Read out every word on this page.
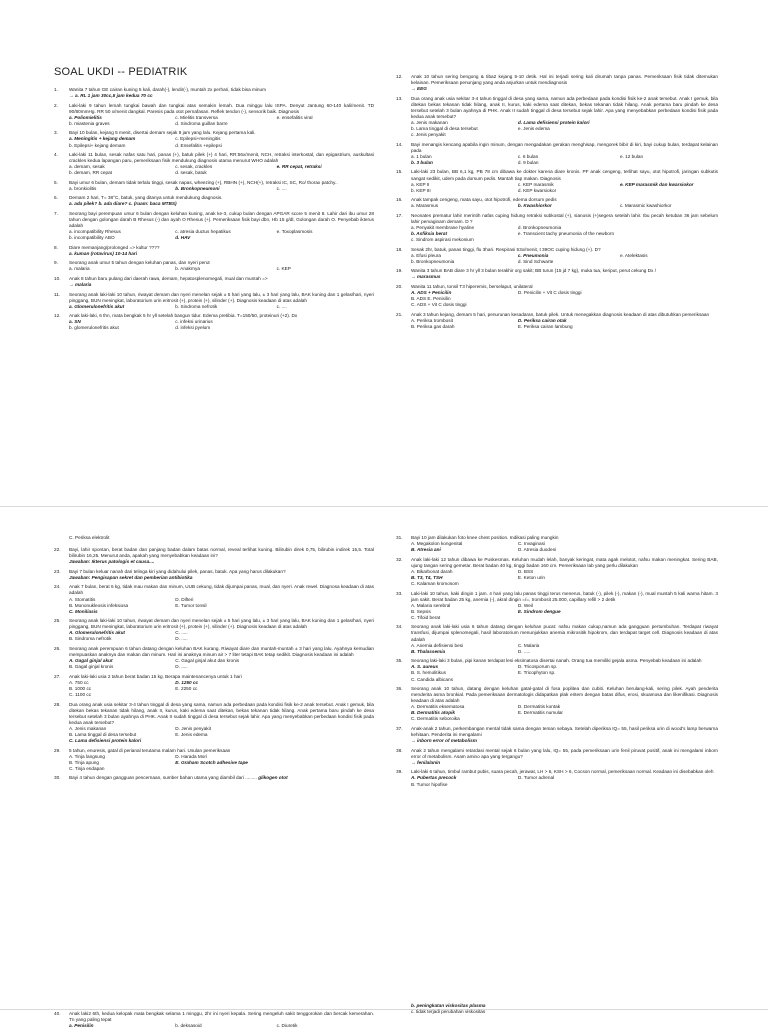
SOAL UKDI -- PEDIATRIK
1.	Wanita 7 tahun GE cairan kuning 5 kali, darah(-), lendir(-), muntah 2x perhari, tidak bisa minum
→ a. RL 1 jam 30cc,5 jam kedua 70 cc
2.	Laki-laki 9 tahun lemah tungkai bawah dan tungkai atas semakin lemah. Dua minggu lalu ISPA. Denyut Jantung 60-140 kali/menit. TD 90/80mmHg. RR 50 x/menit dangkal. Paresis pada otot pernafasan. Reflek tendon (-), sensorik baik. Diagnosis
a. Poliomielitis	c. Mielitis transversa	e. ensefalitis viral
b. miastenia graves	d. Sindroma guillan barre
3.	Bayi 10 bulan, kejang 5 menit, disertai demam sejak 8 jam yang lalu. Kejang pertama kali.
a. Meningitis + kejang demam	c. Epilepsi+meningitis
b. Epilepsi+ kejang demam	d. Ensefalitis +epilepsi
4.	Laki-laki 11 bulan, sesak nafas satu hari, panas (+), batuk pilek (+) 4 hari, RR:56x/menit, NCH, retraksi interkostal, dan epigastrium, auskultasi crackles kedua lapangan paru, pemeriksaan fisik mendukung diagnosis utama menurut WHO adalah
a. demam, sesak	c. sesak, crackles	e. RR cepat, retraksi
b. demam, RR cepat	d. sesak, batuk
5.	Bayi umur 6 bulan, demam tidak terlalu tinggi, sesak napas, wheezing (+), RBHN (+), NCH(+), retraksi IC, SC, Ro/ thorax patchy..
a. bronkiolitis	b. Bronkopneumoni	c. ....
6.	Demam 2 hari, T= 38°C, batuk, yang ditanya untuk mendukung diagnosis.
a. ada pilek? b. ada diare? c. (ruam: baca MTBS)
7.	Seorang bayi perempuan umur 6 bulan dengan keluhan kuning, anak ke-3, cukup bulan dengan APGAR score 5 menit 8. Lahir dari ibu umur 28 tahun dengan golongan darah B Rhesus (-) dan ayah O Rhesus (+). Pemeriksaan fisik bayi dbn, Hb 15 g/dl, Golongan darah O. Penyebab ikterus adalah
a. incompatibility Rhesus	c. atresia ductus hepatikus	e. Toxoplasmosis
b. incompatibility ABO	d. HAV
8.	Diare memanjang/prolonged => kultur ????
a. kuman (rotavirus) 10-14 hari
9.	Seorang anak umur 5 tahun dengan keluhan panas, dan nyeri perut
a. malaria	b. Anakrnya	c. KEP
10.	Anak 8 tahun baru pulang dari daerah rawa, demam, hepatosplenomegali, mual dan muntah =>
→ malaria
11.	Seorang anak laki-laki 10 tahun, riwayat demam dan nyeri menelan sejak ± 5 hari yang lalu, ± 3 hari yang lalu, BAK kuning dan 1 gelas/hari, nyeri pinggang, BUN meningkat, laboratorium urin eritrosit (+), protein (+), silinder (+). Diagnosis keadaan di atas adalah
a. Glomerulonefritis akut	b. Sindroma nefrotik	c. ....
12.	Anak laki-laki, 6 thn, mata bengkak 5 hr yll setelah bangun tidur. Edema pretibia. T=150/50, proteinuri (+2). Dx
a. SN	c. infeksi urinarius
b. glomerulonefritis akut	d. infeksi pyelum
12.	Anak 10 tahun sering bengong & tiba2 kejang 5-10 detik. Hal ini terjadi sering kali dirumah tanpa panas. Pemeriksaan fisik tidak ditemukan kelainan. Pemeriksaan penunjang yang anda anjurkan untuk mendiagnosis
→ EEG
13.	Dua orang anak usia sekitar 3-4 tahun tinggal di desa yang sama, namun ada perbedaan pada kondisi fisik ke-2 anak tersebut. Anak I gemuk, bila ditekan bekas tekanan tidak hilang, anak II, kurus, kaki edema saat ditekan, bekas tekanan tidak hilang. Anak pertama baru pindah ke desa tersebut setelah 3 bulan ayahnya di PHK. Anak II sudah tinggal di desa tersebut sejak lahir. Apa yang menyebabkan perbedaan kondisi fisik pada kedua anak tersebut?
a. Jenis makanan	d. Lama defisiensi protein kalori
b. Lama tinggal di desa tersebut	e. Jenis edema
c. Jenis penyakit
14.	Bayi menangis kencang apabila ingin minum, dengan mengadakan gerakan menghisap, mengorek bibir di kiri, bayi cukup bulan, terdapat kelainan pada
a. 1 bulan	c. 6 bulan	e. 12 bulan
b. 3 bulan	d. 9 bulan
15.	Laki-laki 23 bulan, BB 6,1 kg, PB 78 cm dibawa ke dokter karena diare kronis. PF anak cengeng, terlihat sayu, otot hipotrofi, jaringan subkutis sangat sedikit, udem pada dorsum pedis. Mantah tiap makan. Diagnosis
a. KEP II	c. KEP marasmik	e. KEP marasmik dan kwarsiokor
b. KEP III	d. KEP kwarsiokor
16.	Anak tampak cengeng, mata sayu, otot hipotrofi, edema dorsum pedis
a. Marasmus	b. Kwashiorkor	c. Marasmic kwashiorkor
17.	Neonates prematur lahir merintih nafas cuping hidung retraksi subkostal (+), sianosis (+)segera setelah lahir. Ibu pecah ketuban 36 jam sebelum lahir pervaginam demam. D ?
a. Penyakit membrane hyaline	d. Bronkopneumonia
b. Asfiksia berat	e. Transcient tachy pneumonia of the newborn
c. Sindrom aspirasi mekonium
18.	Sesak 2hr, batuk, panas tinggi, flu 3hari. Respirasi 53x/menit, t 39OC cuping hidung (+). D?
a. Efusi pleura	c. Pneumonia	e. Atelektasis
b. Bronkopneumonia	d. Sind Schwarte
19.	Wanita 3 tahun BAB diare 3 hr yll 3 bulan terakhir org sakit; BB turun (15 jd 7 kg), muka tua, keriput, perut cekung Dx /
→ marasmus
20.	Wanita 11 tahun, tonsil T3 hiperemis, berselaput, unilateral
A. ADS + Penicilin	D. Penicilin + Vit C dosis tinggi
B. ADS E. Penisilin
C. ADS + Vit C dosis tinggi
21.	Anak 3 tahun kejang, demam 5 hari, penurunan kesadaran, batuk pilek. Untuk menegakkan diagnosis keadaan di atas dibutuhkan pemeriksaan
A. Periksa trombosit	D. Periksa cairan otak
B. Periksa gas darah	E. Periksa cairan lambung
C. Periksa elektrolit
22.	Bayi, lahir spontan, berat badan dan panjang badan dalam batas normal, reveal terlihat kuning. Bilirubin direk 0,75, bilirubin indirek 15,5. Total bilirubin 16,25. Menurut anda, apakah yang menyebabkan keadaan ini?
Jawaban: Ikterus patologis et causa....
23.	Bayi 7 bulan keluar nanah dari telinga kiri yang didahului pilek, panas, batuk. Apa yang harus dilakukan?
Jawaban: Pengisapan sekret dan pemberian antibiotika
24.	Anak 7 bulan, berat 6 kg, tidak mau makan dan minum, UUB cekung, tidak dijumpai panas, mual, dan nyeri. Anak rewel. Diagnosa keadaan di atas adalah
A. Stomatitis	D. Difteri
B. Mononukleosis infeksiosa	E. Tumor tonsil
C. Moniliasis
25.	Seorang anak laki-laki 10 tahun, riwayat demam dan nyeri menelan sejak ± 5 hari yang lalu, ± 3 hari yang lalu, BAK kuning dan 1 gelas/hari, nyeri pinggang, BUN meningkat, laboratorium urin eritrosit (+), protein (+), silinder (+). Diagnosis keadaan di atas adalah
A. Glomerulonefritis akut	C. .....
B. Sindroma nefrotik	D. .....
26.	Seorang anak perempuan 6 tahun datang dengan keluhan BAK kurang. Riwayat diare dan muntah-muntah ± 3 hari yang lalu. Ayahnya kemudian mempuaskan anaknya dan makan dan minum. Hari ini anaknya minum air > 7 liter tetapi BAK tetap sedikit. Diagnosis keadaan ini adalah
A. Gagal ginjal akut	C. Gagal ginjal akut dan kronis
B. Gagal ginjal kronis	D. .....
27.	Anak laki-laki usia 2 tahun berat badan 15 kg. Berapa maintenancenya untuk 1 hari
A. 750 cc	D. 1250 cc
B. 1000 cc	E. 2250 cc
C. 1100 cc
28.	Dua orang anak usia sekitar 3-4 tahun tinggal di desa yang sama, namun ada perbedaan pada kondisi fisik ke-2 anak tersebut. Anak I gemuk, bila ditekan bekas tekanan tidak hilang, anak II, kurus, kaki edema saat ditekan, bekas tekanan tidak hilang. Anak pertama baru pindah ke desa tersebut setelah 3 bulan ayahnya di PHK. Anak II sudah tinggal di desa tersebut sejak lahir. Apa yang menyebabkan perbedaan kondisi fisik pada kedua anak tersebut?
A. Jenis makanan	D. Jenis penyakit
B. Lama tinggal di desa tersebut	E. Jenis edema
C. Lama defisiensi protein kalori
29.	5 tahun, enuresis, gatal di perianal terutama malam hari. Usulan pemeriksaan
A. Tinja langsung	D. Harada Mori
B. Tinja apung	E. Graham Scotch adhesive tape
C. Tinja endapan
30.	Bayi 4 tahun dengan gangguan pencernaan, sumber bahan utama yang diambil dari ......... glikogen otot
31.	Bayi 10 jam dilakukan foto knee chest position. Indikasi paling mungkin
A. Megakolon kongenital	C. Invaginasi
B. Atresia ani	D. Atresia duodeni
32.	Anak laki-laki 12 tahun dibawa ke Puskesmas. Keluhan mudah lelah, banyak keringat, mata agak melotot, nafsu makan meningkat. Sering BAB, ujung tangan sering gemetar. Berat badan 40 kg, tinggi badan 160 cm. Pemeriksaan lab yang perlu dilakukan
A. Bikarbonat darah	D. BSS
B. T3, T4, TSH	E. Keton urin
C. Kalaman kromosom
33.	Laki-laki 10 tahun, kaki dingin 1 jam. 4 hari yang lalu panas tinggi terus menerus, batuk (-), pilek (-), makan (-), mual muntah 5 kali warna hitam. 3 jam sakit. Berat badan 25 kg, anemia (-), akral dingin =/=, trombosit 25.000, capillary refill > 2 detik
A. Malaria serebral	D. Weil
B. Sepsis	E. Sindrom dengue
C. Tifoid berat
34.	Seorang anak laki-laki usia 6 tahun datang dengan keluhan pucat: nafsu makan cukup,namun ada gangguan pertumbuhan. Terdapat riwayat transfusi, dijumpai splenomegali, hasil laboratorium menunjukkan anemia mikrositik hipokrom, dan terdapat target cell. Diagnosis keadaan di atas adalah
A. Anemia defisiensi besi	C. Malaria
B. Thalassemia	D. .....
35.	Seorang laki-laki 3 bulan, pipi kanan terdapat lesi eksimatosa disertai nanah. Orang tua memiliki gejala asma. Penyebab keadaan ini adalah
A. S. aureus	D. Tricosporum sp.
B. S. hemolitikus	E. Tricophyton sp.
C. Candida albicans
36.	Seorang anak 10 tahun, datang dengan keluhan gatal-gatal di fosa poplitea dan cubiti. Keluhan berulang-kali, sering pilek. Ayah penderita menderita asma bronkial. Pada pemeriksaan dermatologis didapatkan plak eritem dengan batas difus, erosi, skuamosa dan likenifikasi. Diagnosis keadaan di atas adalah
A. Dermatitis eksematosa	D. Dermatitis kontak
B. Dermatitis atopik	E. Dermatitis numular
C. Dermatitis seboroika
37.	Anak-anak 2 tahun, perkembangan mental tidak sama dengan teman sebaya. Setelah diperiksa IQ= 55, hasil periksa urin di wood's lamp berwarna kehitaan. Penderita ini mengalami
→ inborn error of metabolism
38.	Anak 2 tahun mengalami retardasi mental sejak 6 bulan yang lalu, IQ= 55, pada pemeriksaan urin fenil piruvat positif, anak ini mengalami inborn error of metabolism. Asam amino apa yang tergangu?
→ fenilalanin
39.	Laki-laki 6 tahun, timbul rambut pubis, suara pecah, jerawat, LH > 6, KSH > 6, Cocson normal, pemeriksaan normal. Keadaan ini disebabkan oleh
A. Pubertas precock	D. Tumor adrenal
B. Tumor hipofise
40.	Anak laki2 6th, kedua kelopak mata bengkak selama 1 minggu, 2hr ini nyeri kepala. Sering mengeluh sakit tenggorokan dan bercak kemerahan. Tn yang paling tepat
a. Penisilin	b. deksasoid	c. Diuretik
b. peningkatan viskositas plasma
c. tidak terjadi perubahan viskositas
